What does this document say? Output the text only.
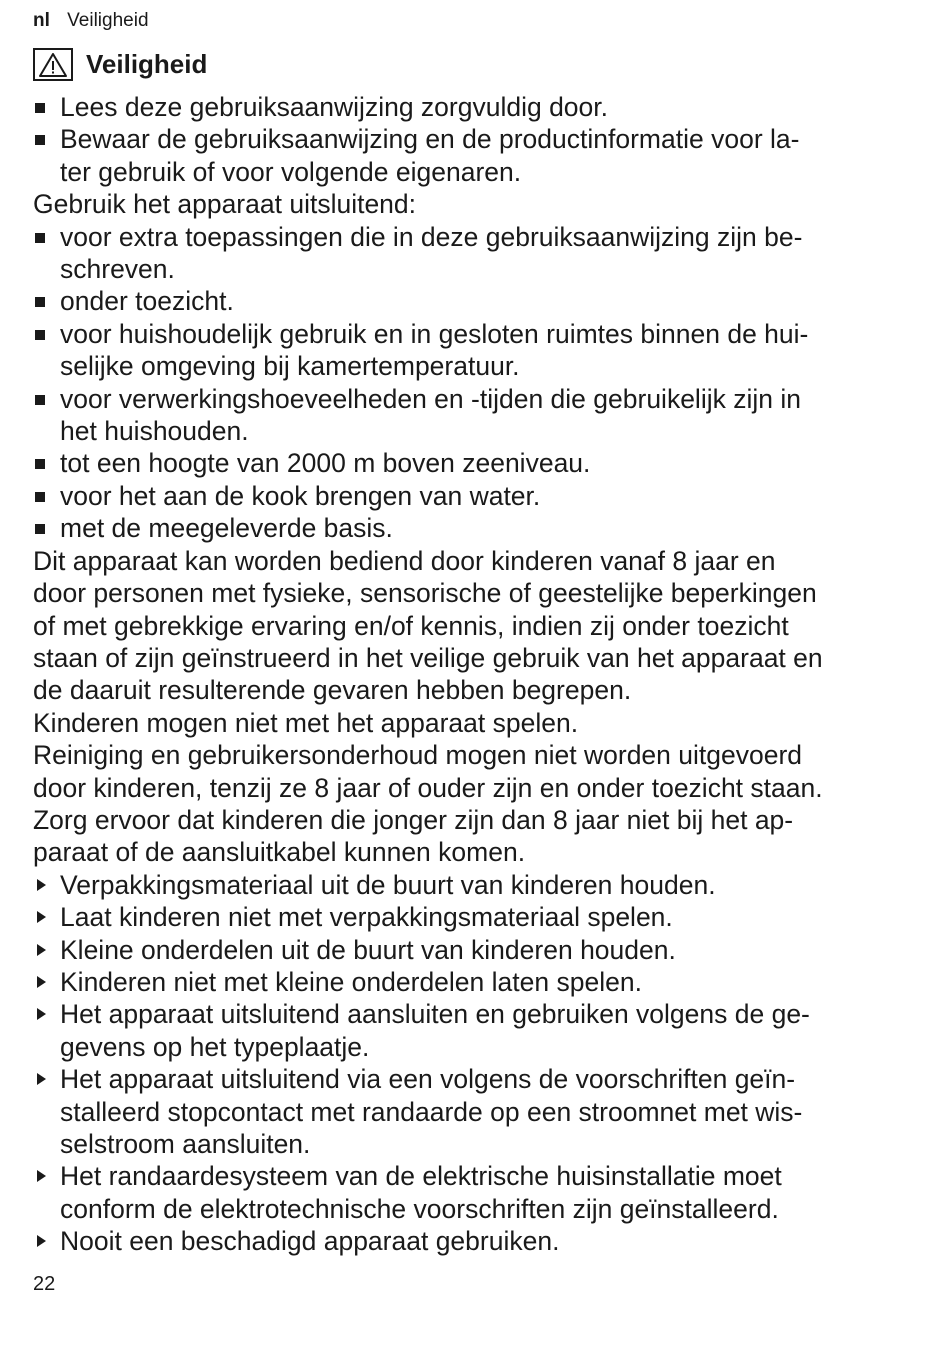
nl Veiligheid
Veiligheid
Lees deze gebruiksaanwijzing zorgvuldig door.
Bewaar de gebruiksaanwijzing en de productinformatie voor la-
ter gebruik of voor volgende eigenaren.

Gebruik het apparaat uitsluitend:

voor extra toepassingen die in deze gebruiksaanwijzing zijn be-
schreven.
onder toezicht.
voor huishoudelijk gebruik en in gesloten ruimtes binnen de hui-
selijke omgeving bij kamertemperatuur.
voor verwerkingshoeveelheden en -tijden die gebruikelijk zijn in
het huishouden.
tot een hoogte van 2000 m boven zeeniveau.
voor het aan de kook brengen van water.
met de meegeleverde basis.

Dit apparaat kan worden bediend door kinderen vanaf 8 jaar en
door personen met fysieke, sensorische of geestelijke beperkingen
of met gebrekkige ervaring en/of kennis, indien zij onder toezicht
staan of zijn geïnstrueerd in het veilige gebruik van het apparaat en
de daaruit resulterende gevaren hebben begrepen.

Kinderen mogen niet met het apparaat spelen.

Reiniging en gebruikersonderhoud mogen niet worden uitgevoerd
door kinderen, tenzij ze 8 jaar of ouder zijn en onder toezicht staan.

Zorg ervoor dat kinderen die jonger zijn dan 8 jaar niet bij het ap-
paraat of de aansluitkabel kunnen komen.

Verpakkingsmateriaal uit de buurt van kinderen houden.
Laat kinderen niet met verpakkingsmateriaal spelen.
Kleine onderdelen uit de buurt van kinderen houden.
Kinderen niet met kleine onderdelen laten spelen.
Het apparaat uitsluitend aansluiten en gebruiken volgens de ge-
gevens op het typeplaatje.
Het apparaat uitsluitend via een volgens de voorschriften geïn-
stalleerd stopcontact met randaarde op een stroomnet met wis-
selstroom aansluiten.
Het randaardesysteem van de elektrische huisinstallatie moet
conform de elektrotechnische voorschriften zijn geïnstalleerd.
Nooit een beschadigd apparaat gebruiken.
22
